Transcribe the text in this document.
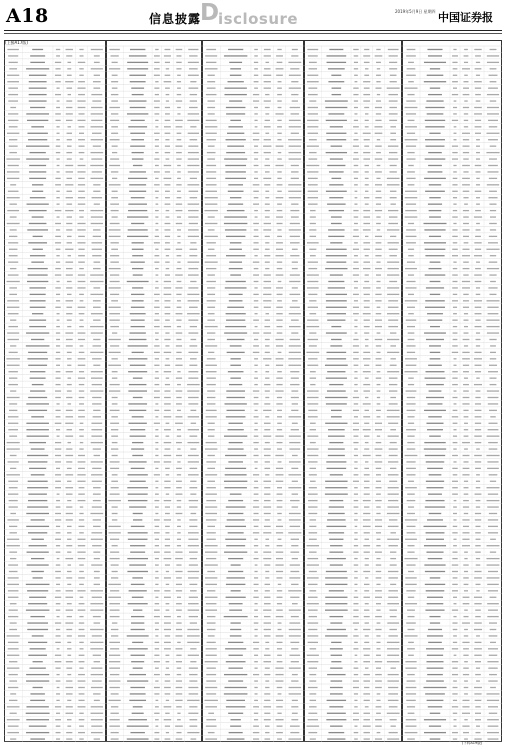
A18	信息披露
D
isclosure	2019年5月9日 星期四 中国证券报
(上接A17版)
(下转A19版)
